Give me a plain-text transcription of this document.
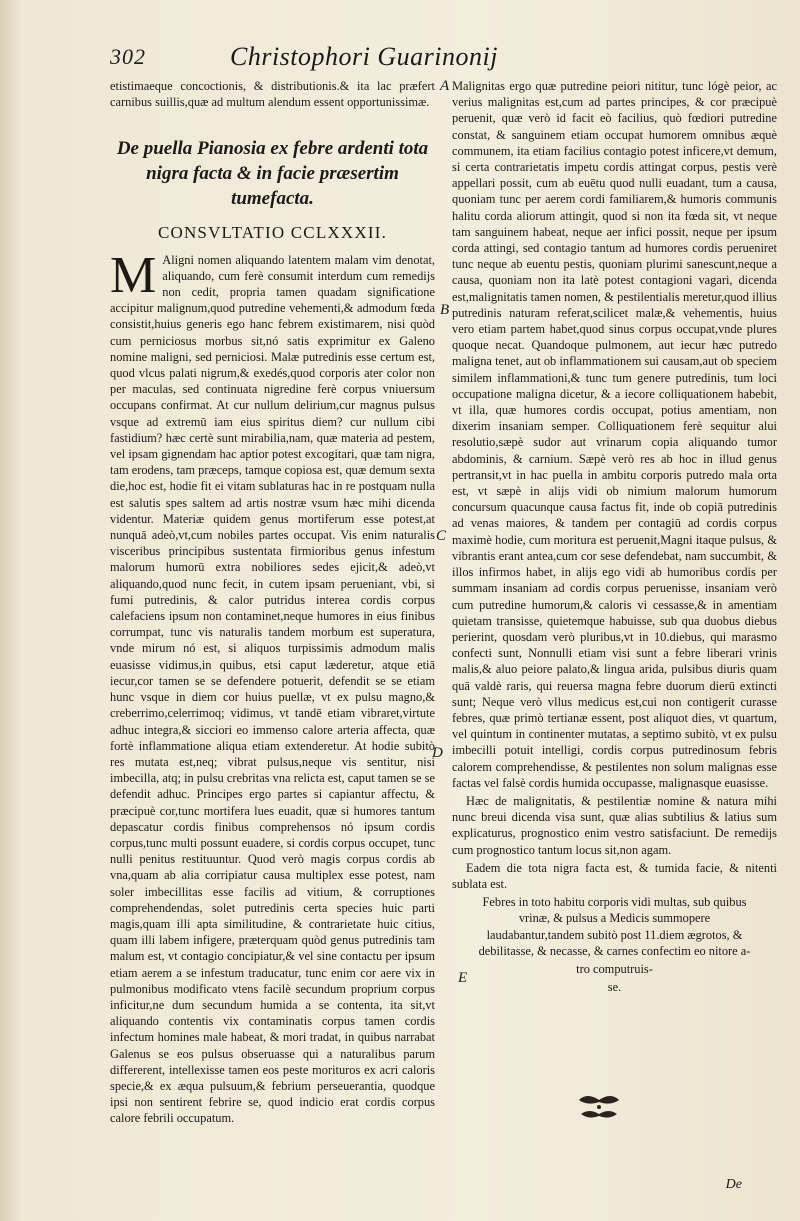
302	Christophori Guarinonij

etistimaeque concoctionis, & distributionis.& ita lac præfert carnibus suillis,quæ ad multum alendum essent opportunissimæ.

De puella Pianosia ex febre ardenti tota nigra facta & in facie præsertim tumefacta.
CONSVLTATIO CCLXXXII.

M Aligni nomen aliquando latentem malam vim denotat, aliquando, cum ferè consumit interdum cum remedijs non cedit, propria tamen quadam significatione accipitur malignum,quod putredine vehementi,& admodum fœda consistit,huius generis ego hanc febrem existimarem, nisi quòd cum perniciosus morbus sit,nó satis exprimitur ex Galeno nomine maligni, sed perniciosi. Malæ putredinis esse certum est, quod vlcus palati nigrum,& exedés,quod corporis ater color non per maculas, sed continuata nigredine ferè corpus vniuersum occupans confirmat. At cur nullum delirium,cur magnus pulsus vsque ad extremū iam eius spiritus diem? cur nullum cibi fastidium? hæc certè sunt mirabilia,nam, quæ materia ad pestem, vel ipsam gignendam hac aptior potest excogitari, quæ tam nigra, tam erodens, tam præceps, tamque copiosa est, quæ demum sexta die,hoc est, hodie fit ei vitam sublaturas hac in re postquam nulla est salutis spes saltem ad artis nostræ vsum hæc mihi dicenda videntur. Materiæ quidem genus mortiferum esse potest,at nunquā adeò,vt,cum nobiles partes occupat. Vis enim naturalis visceribus principibus sustentata firmioribus genus infestum malorum humorū extra nobiliores sedes ejicit,& adeò,vt aliquando,quod nunc fecit, in cutem ipsam perueniant, vbi, si fumi putredinis, & calor putridus interea cordis corpus calefaciens ipsum non contaminet,neque humores in eius finibus corrumpat, tunc vis naturalis tandem morbum est superatura, vnde mirum nó est, si aliquos turpissimis admodum malis euasisse vidimus,in quibus, etsi caput læderetur, atque etiā iecur,cor tamen se se defendere potuerit, defendit se se etiam hunc vsque in diem cor huius puellæ, vt ex pulsu magno,& creberrimo,celerrimoq; vidimus, vt tandē etiam vibraret,virtute adhuc integra,& sicciori eo immenso calore arteria affecta, quæ fortè inflammatione aliqua etiam extenderetur. At hodie subitò res mutata est,neq; vibrat pulsus,neque vis sentitur, nisi imbecilla, atq; in pulsu crebritas vna relicta est, caput tamen se se defendit adhuc. Principes ergo partes si capiantur affectu, & præcipuè cor,tunc mortifera lues euadit, quæ si humores tantum depascatur cordis finibus comprehensos nó ipsum cordis corpus,tunc multi possunt euadere, si cordis corpus occupet, tunc nulli penitus restituuntur. Quod verò magis corpus cordis ab vna,quam ab alia corripiatur causa multiplex esse potest, nam soler imbecillitas esse facilis ad vitium, & corruptiones comprehendendas, solet putredinis certa species huic parti magis,quam illi apta similitudine, & contrarietate huic citius, quam illi labem infigere, præterquam quòd genus putredinis tam malum est, vt contagio concipiatur,& vel sine contactu per ipsum etiam aerem a se infestum traducatur, tunc enim cor aere vix in pulmonibus modificato vtens facilè secundum proprium corpus inficitur,ne dum secundum humida a se contenta, ita sit,vt aliquando contentis vix contaminatis corpus tamen cordis infectum homines male habeat, & mori tradat, in quibus narrabat Galenus se eos pulsus obseruasse qui a naturalibus parum differerent, intellexisse tamen eos peste morituros ex acri caloris specie,& ex æqua pulsuum,& febrium perseuerantia, quodque ipsi non sentirent febrire se, quod indicio erat cordis corpus calore febrili occupatum.

A
B
C
D
E

Malignitas ergo quæ putredine peiori nititur, tunc lógè peior, ac verius malignitas est,cum ad partes principes, & cor præcipuè peruenit, quæ verò id facit eò facilius, quò fœdiori putredine constat, & sanguinem etiam occupat humorem omnibus æquè communem, ita etiam facilius contagio potest inficere,vt demum, si certa contrarietatis impetu cordis attingat corpus, pestis verè appellari possit, cum ab euētu quod nulli euadant, tum a causa, quoniam tunc per aerem cordi familiarem,& humoris communis halitu corda aliorum attingit, quod si non ita fœda sit, vt neque tam sanguinem habeat, neque aer infici possit, neque per ipsum corda attingi, sed contagio tantum ad humores cordis perueniret tunc neque ab euentu pestis, quoniam plurimi sanescunt,neque a causa, quoniam non ita latè potest contagioni vagari, dicenda est,malignitatis tamen nomen, & pestilentialis meretur,quod illius putredinis naturam referat,scilicet malæ,& vehementis, huius vero etiam partem habet,quod sinus corpus occupat,vnde plures quoque necat. Quandoque pulmonem, aut iecur hæc putredo maligna tenet, aut ob inflammationem sui causam,aut ob speciem similem inflammationi,& tunc tum genere putredinis, tum loci occupatione maligna dicetur, & a iecore colliquationem habebit, vt illa, quæ humores cordis occupat, potius amentiam, non dixerim insaniam semper. Colliquationem ferè sequitur alui resolutio,sæpè sudor aut vrinarum copia aliquando tumor abdominis, & carnium. Sæpè verò res ab hoc in illud genus pertransit,vt in hac puella in ambitu corporis putredo mala orta est, vt sæpè in alijs vidi ob nimium malorum humorum concursum quacunque causa factus fit, inde ob copiā putredinis ad venas maiores, & tandem per contagiū ad cordis corpus maximè hodie, cum moritura est peruenit,Magni itaque pulsus, & vibrantis erant antea,cum cor sese defendebat, nam succumbit, & illos infirmos habet, in alijs ego vidi ab humoribus cordis per summam insaniam ad cordis corpus peruenisse, insaniam verò cum putredine humorum,& caloris vi cessasse,& in amentiam quietam transisse, quietemque habuisse, sub qua duobus diebus perierint, quosdam verò pluribus,vt in 10.diebus, qui marasmo confecti sunt, Nonnulli etiam visi sunt a febre liberari vrinis malis,& aluo peiore palato,& lingua arida, pulsibus diuris quam quā valdè raris, qui reuersa magna febre duorum dierū extincti sunt; Neque verò vllus medicus est,cui non contigerit curasse febres, quæ primò tertianæ essent, post aliquot dies, vt quartum, vel quintum in continenter mutatas, a septimo subitò, vt ex pulsu imbecilli potuit intelligi, cordis corpus putredinosum febris calorem comprehendisse, & pestilentes non solum malignas esse factas vel falsè cordis humida occupasse, malignasque euasisse.

Hæc de malignitatis, & pestilentiæ nomine & natura mihi nunc breui dicenda visa sunt, quæ alias subtilius & latius sum explicaturus, prognostico enim vestro satisfaciunt. De remedijs cum prognostico tantum locus sit,non agam.

Eadem die tota nigra facta est, & tumida facie, & nitenti sublata est.

Febres in toto habitu corporis vidi multas, sub quibus vrinæ, & pulsus a Medicis summopere laudabantur,tandem subitò post 11.diem ægrotos, & debilitasse, & necasse, & carnes confectim eo nitore a-

tro computruis-

se.

De
